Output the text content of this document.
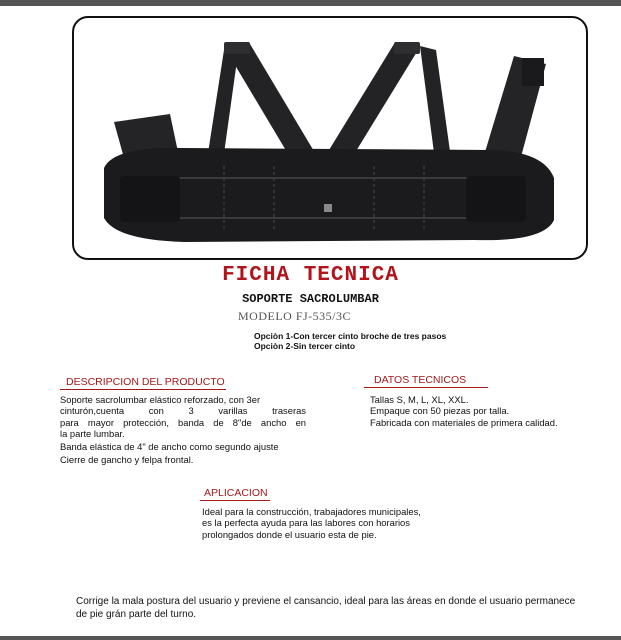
FICHA TECNICA
SOPORTE SACROLUMBAR
MODELO FJ-535/3C
Opciòn 1-Con tercer cinto broche de tres pasos
Opciòn 2-Sin tercer cinto
DESCRIPCION DEL PRODUCTO
Soporte sacrolumbar elástico reforzado, con 3er
cinturón,cuenta con 3 varillas traseras
para mayor protección, banda de 8"de ancho en
la parte lumbar.
Banda elástica de 4" de ancho como segundo ajuste
Cierre de gancho y felpa frontal.
DATOS TECNICOS
Tallas S, M, L, XL, XXL.
Empaque con 50 piezas por talla.
Fabricada con materiales de primera calidad.
APLICACION
Ideal para la construcción, trabajadores municipales,
es la perfecta ayuda para las labores con horarios
prolongados donde el usuario esta de pie.
Corrige la mala postura del usuario y previene el cansancio, ideal para las áreas en donde el usuario permanece de pie grán parte del turno.
